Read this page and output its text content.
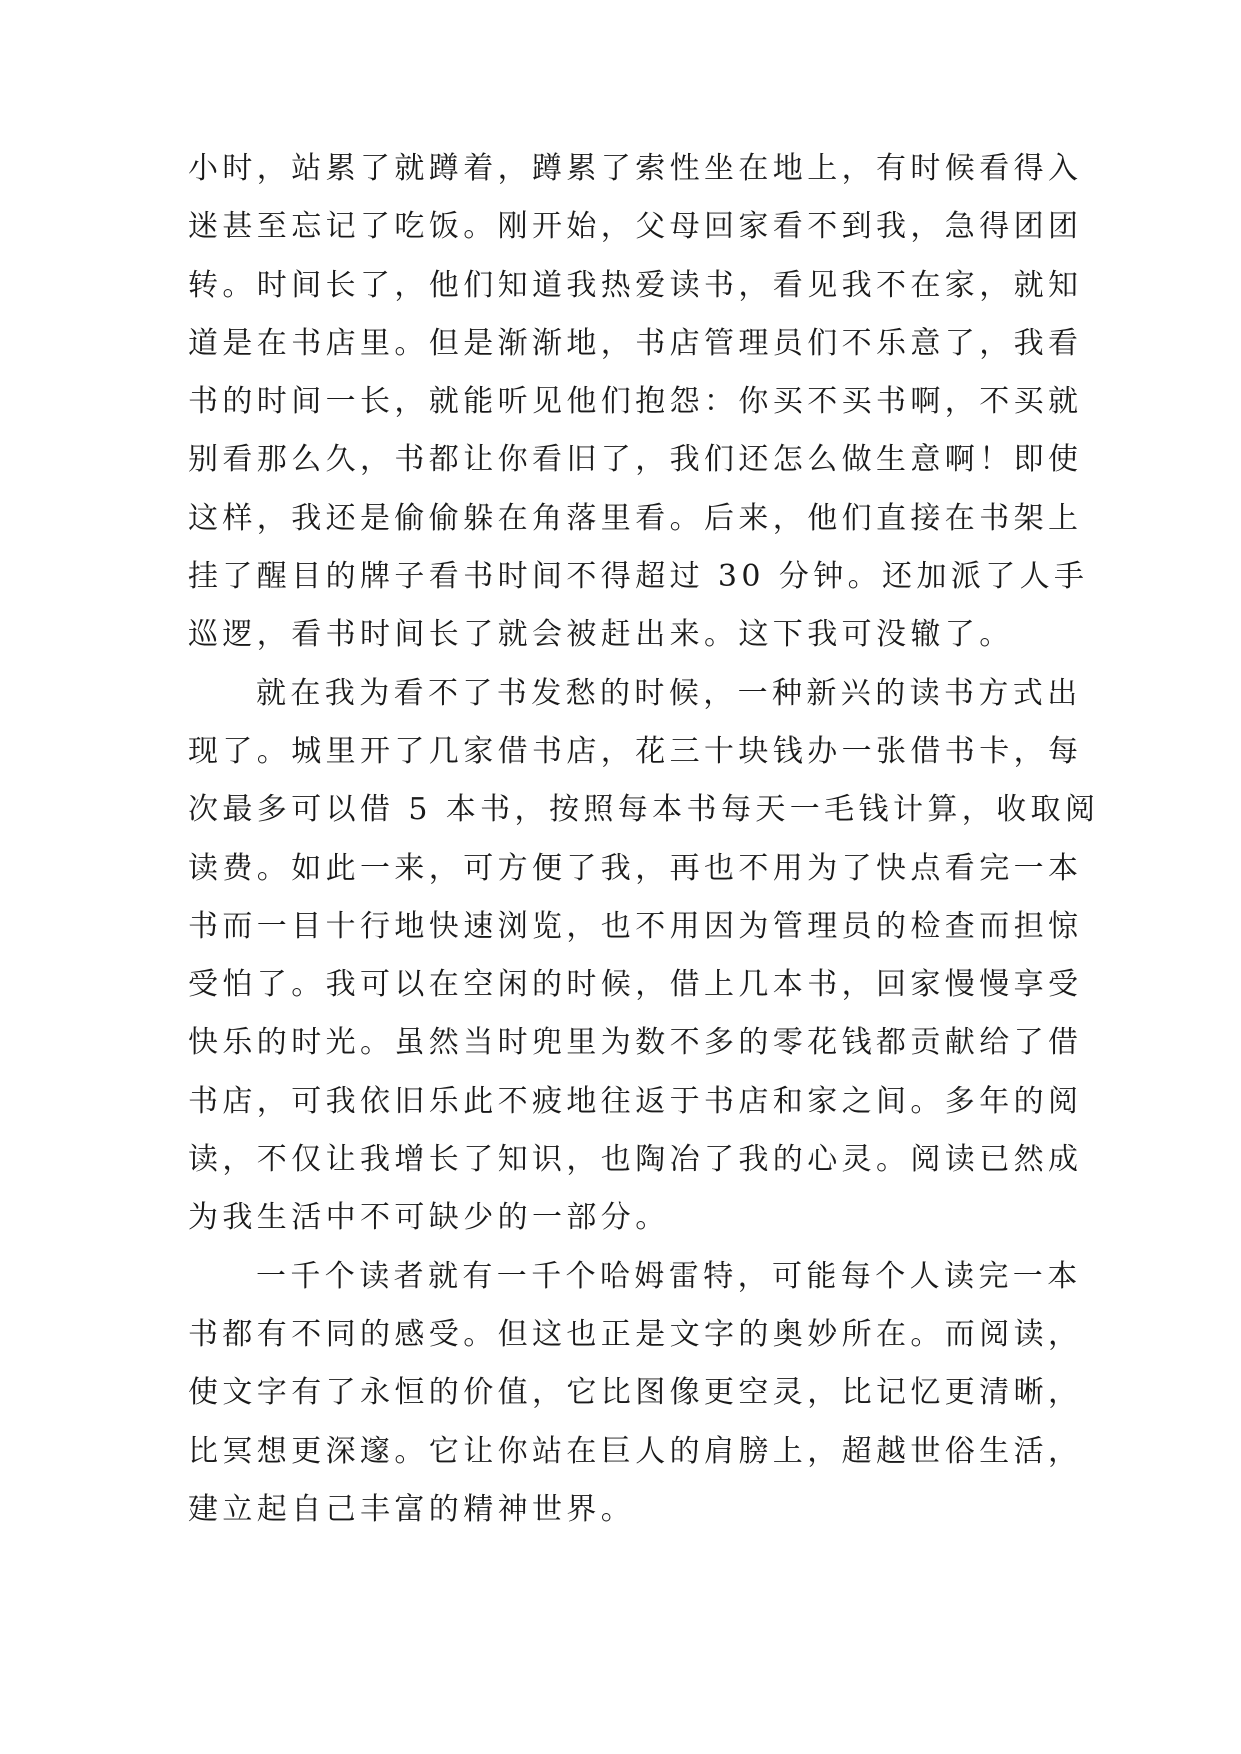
小时，站累了就蹲着，蹲累了索性坐在地上，有时候看得入
迷甚至忘记了吃饭。刚开始，父母回家看不到我，急得团团
转。时间长了，他们知道我热爱读书，看见我不在家，就知
道是在书店里。但是渐渐地，书店管理员们不乐意了，我看
书的时间一长，就能听见他们抱怨：你买不买书啊，不买就
别看那么久，书都让你看旧了，我们还怎么做生意啊！即使
这样，我还是偷偷躲在角落里看。后来，他们直接在书架上
挂了醒目的牌子看书时间不得超过 30 分钟。还加派了人手
巡逻，看书时间长了就会被赶出来。这下我可没辙了。
就在我为看不了书发愁的时候，一种新兴的读书方式出
现了。城里开了几家借书店，花三十块钱办一张借书卡，每
次最多可以借 5 本书，按照每本书每天一毛钱计算，收取阅
读费。如此一来，可方便了我，再也不用为了快点看完一本
书而一目十行地快速浏览，也不用因为管理员的检查而担惊
受怕了。我可以在空闲的时候，借上几本书，回家慢慢享受
快乐的时光。虽然当时兜里为数不多的零花钱都贡献给了借
书店，可我依旧乐此不疲地往返于书店和家之间。多年的阅
读，不仅让我增长了知识，也陶冶了我的心灵。阅读已然成
为我生活中不可缺少的一部分。
一千个读者就有一千个哈姆雷特，可能每个人读完一本
书都有不同的感受。但这也正是文字的奥妙所在。而阅读，
使文字有了永恒的价值，它比图像更空灵，比记忆更清晰，
比冥想更深邃。它让你站在巨人的肩膀上，超越世俗生活，
建立起自己丰富的精神世界。
